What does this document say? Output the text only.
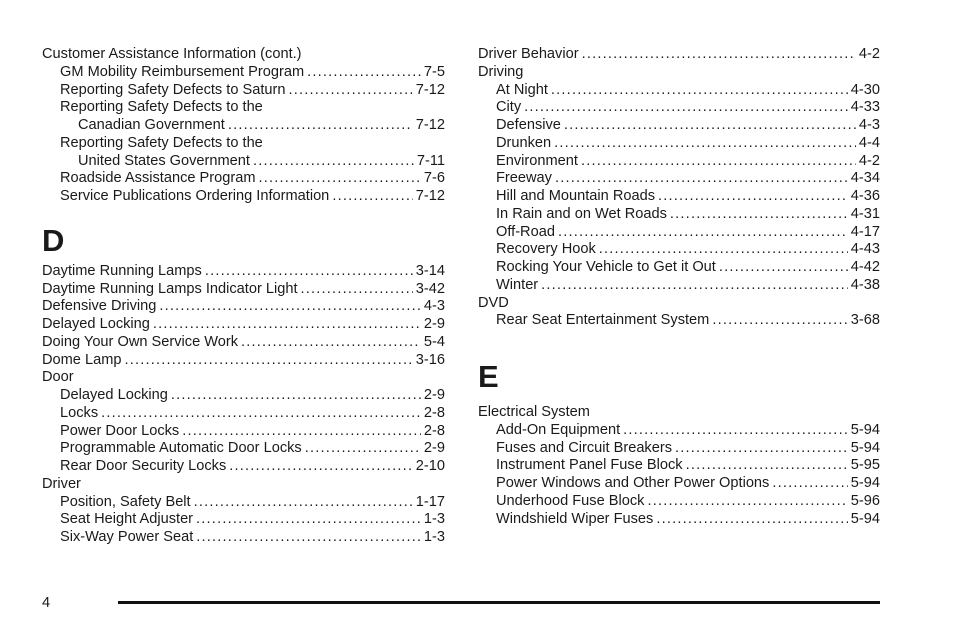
Customer Assistance Information (cont.)
GM Mobility Reimbursement Program .....	7-5
Reporting Safety Defects to Saturn .....	7-12
Reporting Safety Defects to the
Canadian Government .....	7-12
Reporting Safety Defects to the
United States Government .....	7-11
Roadside Assistance Program .....	7-6
Service Publications Ordering Information .....	7-12
D
Daytime Running Lamps .....	3-14
Daytime Running Lamps Indicator Light .....	3-42
Defensive Driving .....	4-3
Delayed Locking .....	2-9
Doing Your Own Service Work .....	5-4
Dome Lamp .....	3-16
Door
Delayed Locking .....	2-9
Locks .....	2-8
Power Door Locks .....	2-8
Programmable Automatic Door Locks .....	2-9
Rear Door Security Locks .....	2-10
Driver
Position, Safety Belt .....	1-17
Seat Height Adjuster .....	1-3
Six-Way Power Seat .....	1-3
Driver Behavior .....	4-2
Driving
At Night .....	4-30
City .....	4-33
Defensive .....	4-3
Drunken .....	4-4
Environment .....	4-2
Freeway .....	4-34
Hill and Mountain Roads .....	4-36
In Rain and on Wet Roads .....	4-31
Off-Road .....	4-17
Recovery Hook .....	4-43
Rocking Your Vehicle to Get it Out .....	4-42
Winter .....	4-38
DVD
Rear Seat Entertainment System .....	3-68
E
Electrical System
Add-On Equipment .....	5-94
Fuses and Circuit Breakers .....	5-94
Instrument Panel Fuse Block .....	5-95
Power Windows and Other Power Options .....	5-94
Underhood Fuse Block .....	5-96
Windshield Wiper Fuses .....	5-94
4
